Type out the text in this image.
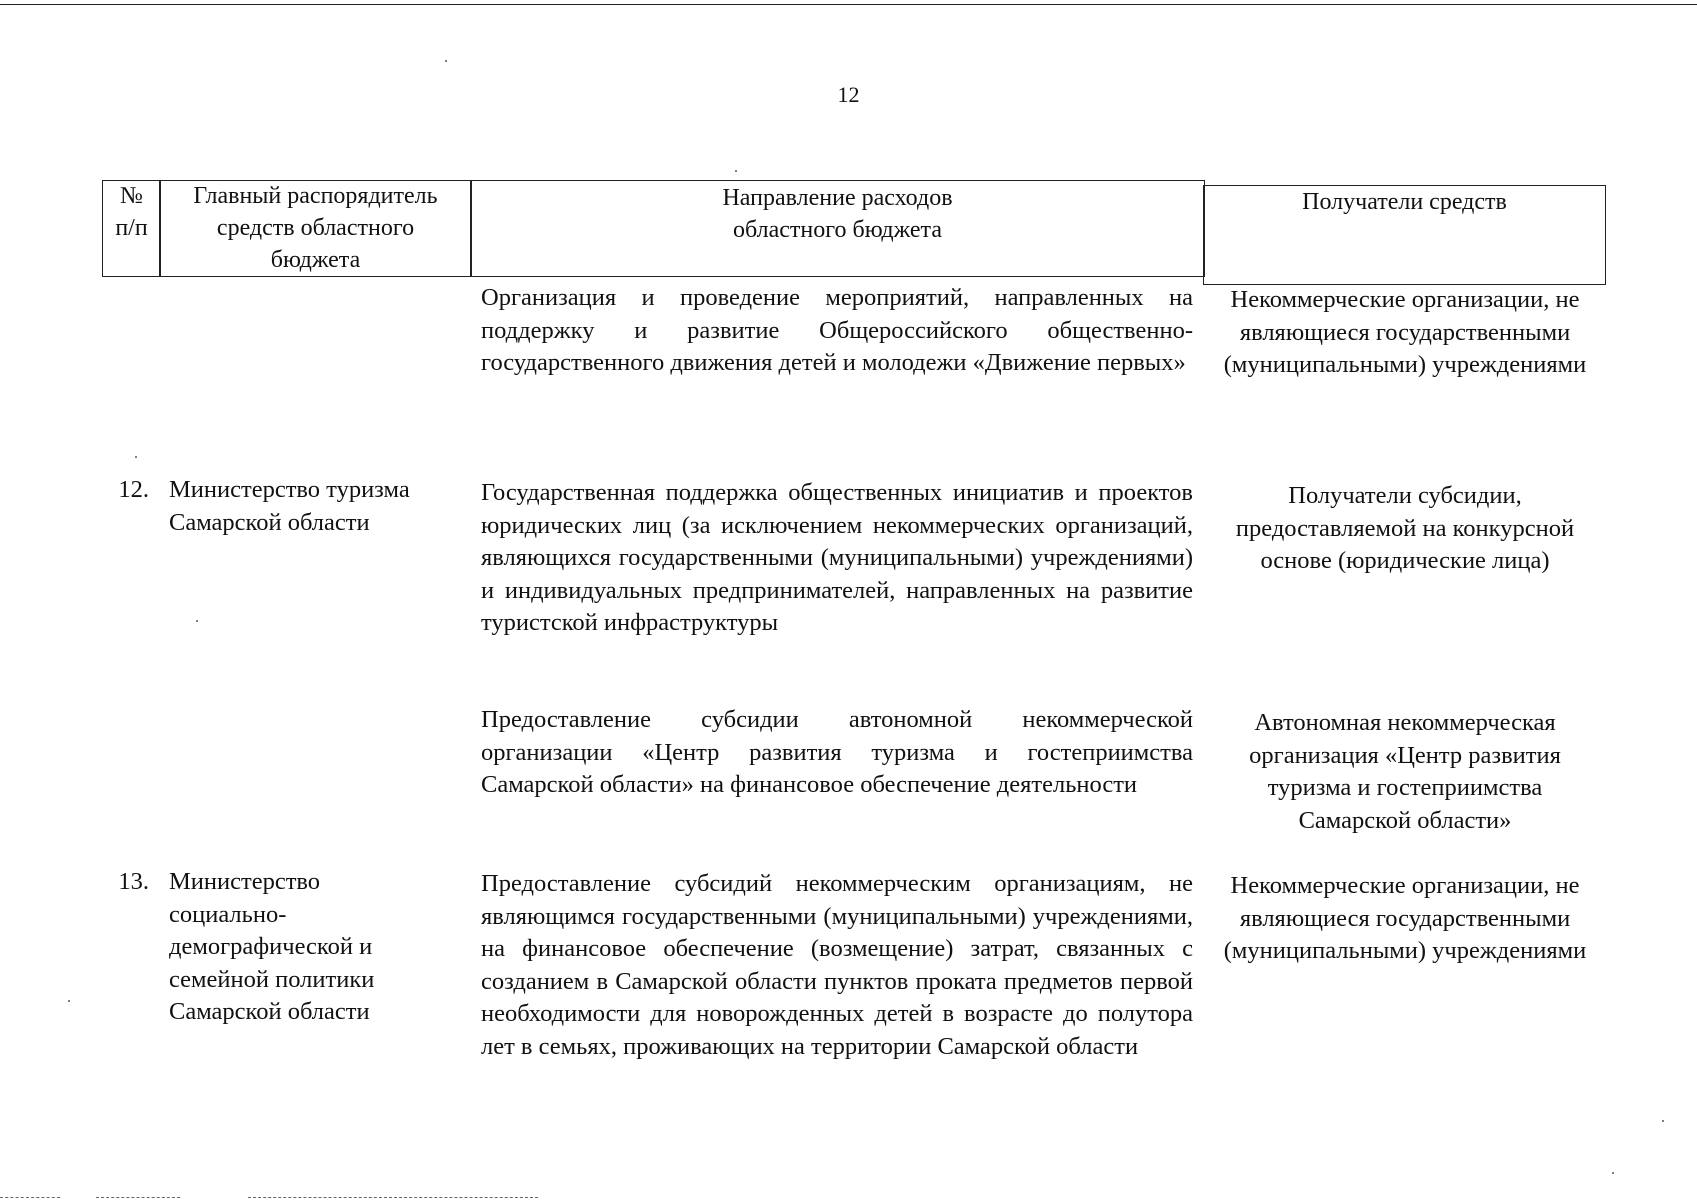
12
№
п/п
Главный распорядитель
средств областного
бюджета
Направление расходов
областного бюджета
Получатели средств
Организация и проведение мероприятий, направленных на поддержку и развитие Общероссийского общественно-государственного движения детей и молодежи «Движение первых»
Некоммерческие организации, не являющиеся государственными (муниципальными) учреждениями
12. Министерство туризма Самарской области
Государственная поддержка общественных инициатив и проектов юридических лиц (за исключением некоммерческих организаций, являющихся государственными (муниципальными) учреждениями) и индивидуальных предпринимателей, направленных на развитие туристской инфраструктуры
Получатели субсидии, предоставляемой на конкурсной основе (юридические лица)
Предоставление субсидии автономной некоммерческой организации «Центр развития туризма и гостеприимства Самарской области» на финансовое обеспечение деятельности
Автономная некоммерческая организация «Центр развития туризма и гостеприимства Самарской области»
13. Министерство социально-демографической и семейной политики Самарской области
Предоставление субсидий некоммерческим организациям, не являющимся государственными (муниципальными) учреждениями, на финансовое обеспечение (возмещение) затрат, связанных с созданием в Самарской области пунктов проката предметов первой необходимости для новорожденных детей в возрасте до полутора лет в семьях, проживающих на территории Самарской области
Некоммерческие организации, не являющиеся государственными (муниципальными) учреждениями
